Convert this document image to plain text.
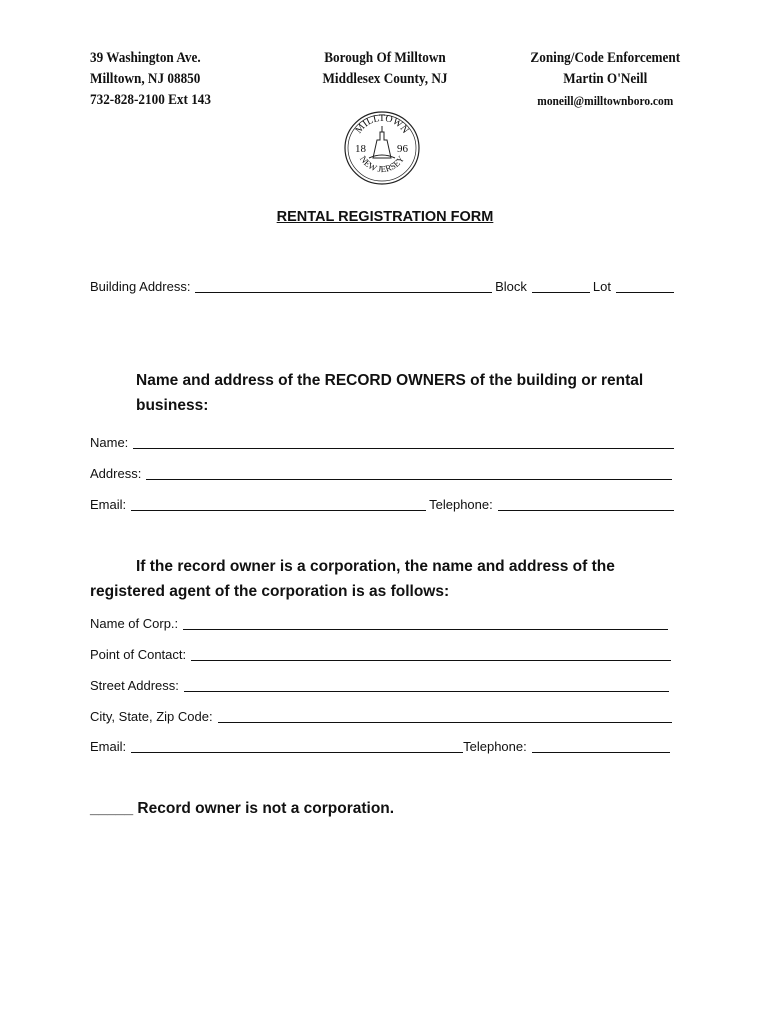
39 Washington Ave.
Milltown, NJ 08850
732-828-2100 Ext 143
Borough Of Milltown
Middlesex County, NJ
Zoning/Code Enforcement
Martin O'Neill
moneill@milltownboro.com
MILLTOWN
NEW JERSEY
18	96
RENTAL REGISTRATION FORM
Building Address:	Block	Lot
Name and address of the RECORD OWNERS of the building or rental
business:
Name:
Address:
Email:	Telephone:
If the record owner is a corporation, the name and address of the
registered agent of the corporation is as follows:
Name of Corp.:
Point of Contact:
Street Address:
City, State, Zip Code:
Email:	Telephone:
_____ Record owner is not a corporation.
